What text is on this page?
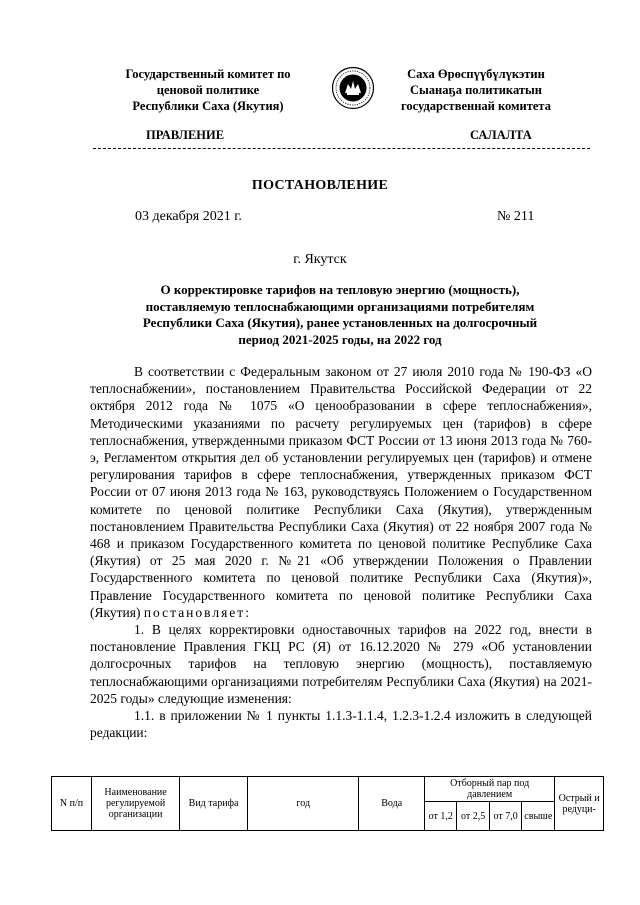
Государственный комитет по
ценовой политике
Республики Саха (Якутия)
Саха Өрөспүүбүлүкэтин
Сыанаҕа политикатын
государственнай комитета
ПРАВЛЕНИЕ	САЛАЛТА
ПОСТАНОВЛЕНИЕ
03 декабря 2021 г.	№ 211
г. Якутск
О корректировке тарифов на тепловую энергию (мощность),
поставляемую теплоснабжающими организациями потребителям
Республики Саха (Якутия), ранее установленных на долгосрочный
период 2021-2025 годы, на 2022 год

В соответствии с Федеральным законом от 27 июля 2010 года № 190-ФЗ «О теплоснабжении», постановлением Правительства Российской Федерации от 22 октября 2012 года № 1075 «О ценообразовании в сфере теплоснабжения», Методическими указаниями по расчету регулируемых цен (тарифов) в сфере теплоснабжения, утвержденными приказом ФСТ России от 13 июня 2013 года № 760-э, Регламентом открытия дел об установлении регулируемых цен (тарифов) и отмене регулирования тарифов в сфере теплоснабжения, утвержденных приказом ФСТ России от 07 июня 2013 года № 163, руководствуясь Положением о Государственном комитете по ценовой политике Республики Саха (Якутия), утвержденным постановлением Правительства Республики Саха (Якутия) от 22 ноября 2007 года № 468 и приказом Государственного комитета по ценовой политике Республике Саха (Якутия) от 25 мая 2020 г. №21 «Об утверждении Положения о Правлении Государственного комитета по ценовой политике Республики Саха (Якутия)», Правление Государственного комитета по ценовой политике Республики Саха (Якутия) постановляет:

1. В целях корректировки одноставочных тарифов на 2022 год, внести в постановление Правления ГКЦ РС (Я) от 16.12.2020 № 279 «Об установлении долгосрочных тарифов на тепловую энергию (мощность), поставляемую теплоснабжающими организациями потребителям Республики Саха (Якутия) на 2021-2025 годы» следующие изменения:

1.1. в приложении № 1 пункты 1.1.3-1.1.4, 1.2.3-1.2.4 изложить в следующей редакции:

N п/п	Наименование регулируемой организации	Вид тарифа	год	Вода	Отборный пар под давлением				Острый и редуци-
					от 1,2	от 2,5	от 7,0	свыше	
